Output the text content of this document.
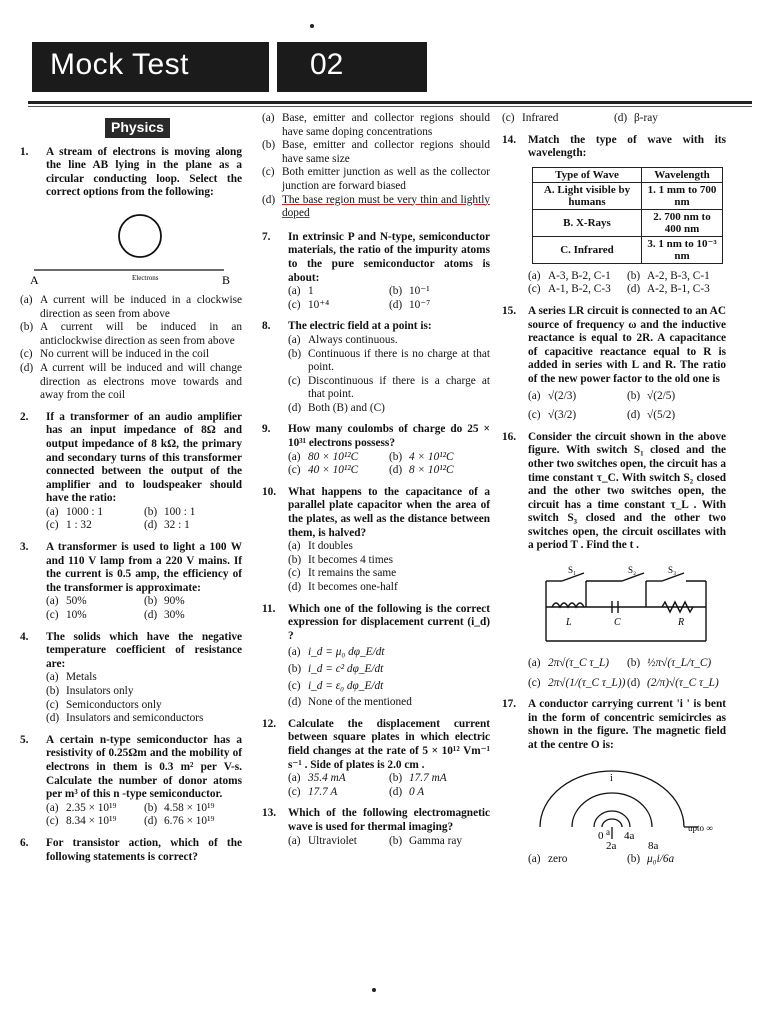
Mock Test	02
Physics
1. A stream of electrons is moving along the line AB lying in the plane as a circular conducting loop. Select the correct options from the following:
A	B
Electrons
(a) A current will be induced in a clockwise direction as seen from above
(b) A current will be induced in an anticlockwise direction as seen from above
(c) No current will be induced in the coil
(d) A current will be induced and will change direction as electrons move towards and away from the coil
2. If a transformer of an audio amplifier has an input impedance of 8Ω and output impedance of 8 kΩ, the primary and secondary turns of this transformer connected between the output of the amplifier and to loudspeaker should have the ratio:
(a) 1000 : 1	(b) 100 : 1
(c) 1 : 32	(d) 32 : 1
3. A transformer is used to light a 100 W and 110 V lamp from a 220 V mains. If the current is 0.5 amp, the efficiency of the transformer is approximate:
(a) 50%	(b) 90%
(c) 10%	(d) 30%
4. The solids which have the negative temperature coefficient of resistance are:
(a) Metals
(b) Insulators only
(c) Semiconductors only
(d) Insulators and semiconductors
5. A certain n-type semiconductor has a resistivity of 0.25Ωm and the mobility of electrons in them is 0.3 m² per V-s. Calculate the number of donor atoms per m³ of this n -type semiconductor.
(a) 2.35 × 10¹⁹	(b) 4.58 × 10¹⁹
(c) 8.34 × 10¹⁹	(d) 6.76 × 10¹⁹
6. For transistor action, which of the following statements is correct?
(a) Base, emitter and collector regions should have same doping concentrations
(b) Base, emitter and collector regions should have same size
(c) Both emitter junction as well as the collector junction are forward biased
(d) The base region must be very thin and lightly doped
7. In extrinsic P and N-type, semiconductor materials, the ratio of the impurity atoms to the pure semiconductor atoms is about:
(a) 1	(b) 10⁻¹
(c) 10⁺⁴	(d) 10⁻⁷
8. The electric field at a point is:
(a) Always continuous.
(b) Continuous if there is no charge at that point.
(c) Discontinuous if there is a charge at that point.
(d) Both (B) and (C)
9. How many coulombs of charge do 25 × 10³¹ electrons possess?
(a) 80 × 10¹²C	(b) 4 × 10¹²C
(c) 40 × 10¹²C	(d) 8 × 10¹²C
10. What happens to the capacitance of a parallel plate capacitor when the area of the plates, as well as the distance between them, is halved?
(a) It doubles
(b) It becomes 4 times
(c) It remains the same
(d) It becomes one-half
11. Which one of the following is the correct expression for displacement current (i_d) ?
(a) i_d = μ₀ dφ_E/dt
(b) i_d = c² dφ_E/dt
(c) i_d = ε₀ dφ_E/dt
(d) None of the mentioned
12. Calculate the displacement current between square plates in which electric field changes at the rate of 5 × 10¹² Vm⁻¹ s⁻¹ . Side of plates is 2.0 cm .
(a) 35.4 mA	(b) 17.7 mA
(c) 17.7 A	(d) 0 A
13. Which of the following electromagnetic wave is used for thermal imaging?
(a) Ultraviolet	(b) Gamma ray
(c) Infrared	(d) β-ray
14. Match the type of wave with its wavelength:
Type of Wave	Wavelength
A. Light visible by humans	1. 1 mm to 700 nm
B. X-Rays	2. 700 nm to 400 nm
C. Infrared	3. 1 nm to 10⁻³ nm
(a) A-3, B-2, C-1	(b) A-2, B-3, C-1
(c) A-1, B-2, C-3	(d) A-2, B-1, C-3
15. A series LR circuit is connected to an AC source of frequency ω and the inductive reactance is equal to 2R. A capacitance of capacitive reactance equal to R is added in series with L and R. The ratio of the new power factor to the old one is
(a) √(2/3)	(b) √(2/5)
(c) √(3/2)	(d) √(5/2)
16. Consider the circuit shown in the above figure. With switch S₁ closed and the other two switches open, the circuit has a time constant τ_C. With switch S₂ closed and the other two switches open, the circuit has a time constant τ_L . With switch S₃ closed and the other two switches open, the circuit oscillates with a period T . Find the t .
S₁	S₂	S₃
L	C	R
(a) 2π√(τ_C τ_L)	(b) ½π√(τ_L/τ_C)
(c) 2π√(1/(τ_C τ_L)) (d) (2/π)√(τ_C τ_L)
17. A conductor carrying current 'i ' is bent in the form of concentric semicircles as shown in the figure. The magnetic field at the centre O is:
i
0 a 4a
2a	8a
upto ∞
(a) zero	(b) μ₀i/6a
